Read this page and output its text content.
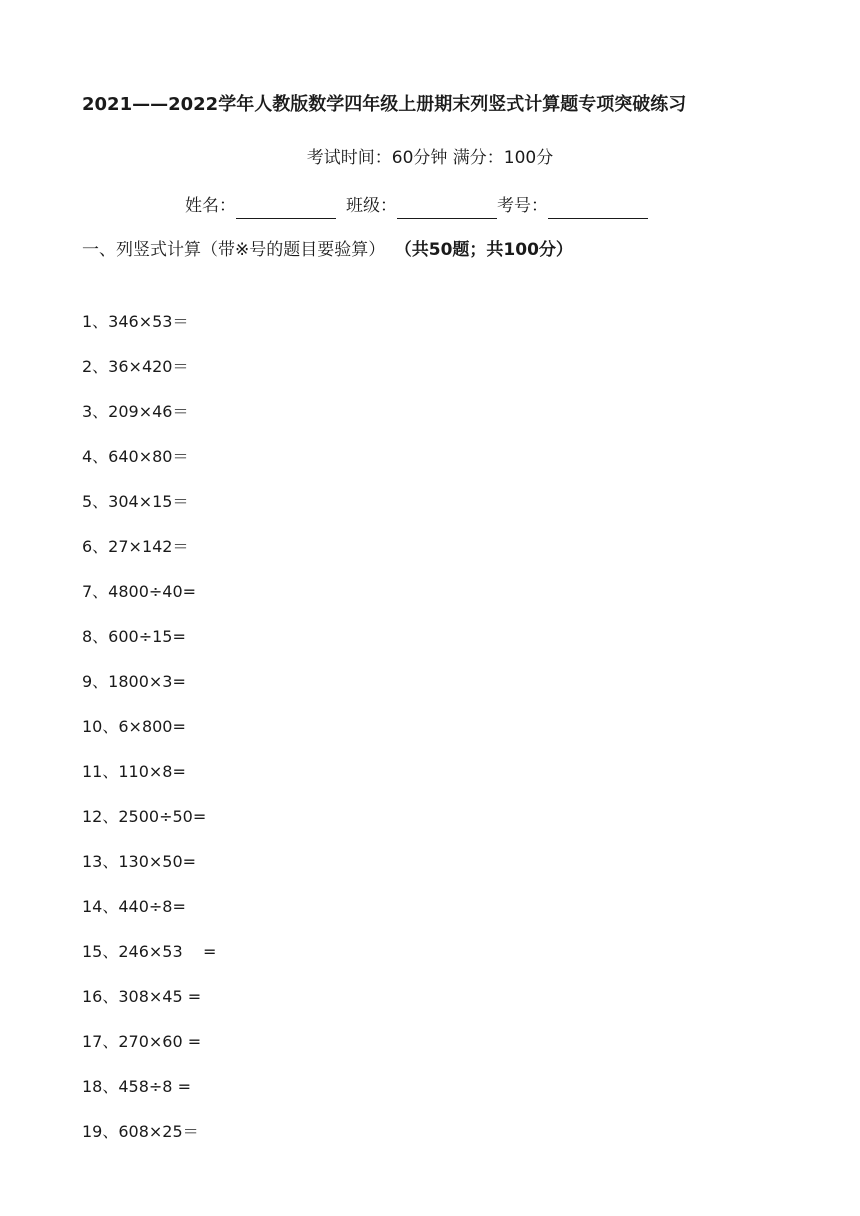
2021——2022学年人教版数学四年级上册期末列竖式计算题专项突破练习
考试时间：60分钟 满分：100分
姓名：	班级：	考号：
一、列竖式计算（带※号的题目要验算） （共50题；共100分）
1、346×53＝
2、36×420＝
3、209×46＝
4、640×80＝
5、304×15＝
6、27×142＝
7、4800÷40=
8、600÷15=
9、1800×3=
10、6×800=
11、110×8=
12、2500÷50=
13、130×50=
14、440÷8=
15、246×53    =
16、308×45 =
17、270×60 =
18、458÷8 =
19、608×25＝
